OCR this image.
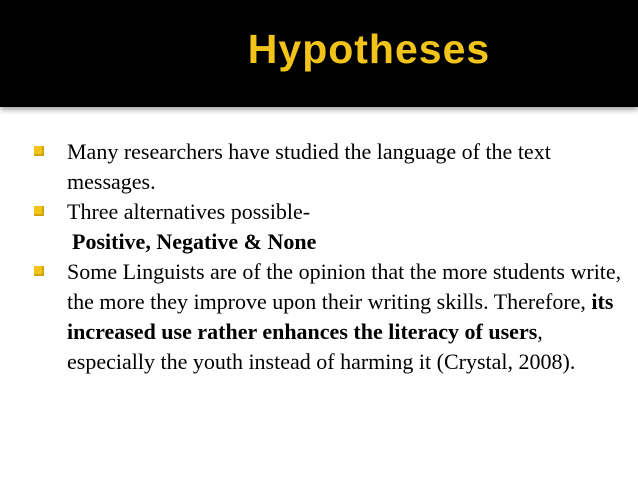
Hypotheses
Many researchers have studied the language of the text messages.
Three alternatives possible-
Positive, Negative & None
Some Linguists are of the opinion that the more students write, the more they improve upon their writing skills. Therefore, its increased use rather enhances the literacy of users, especially the youth instead of harming it (Crystal, 2008).
